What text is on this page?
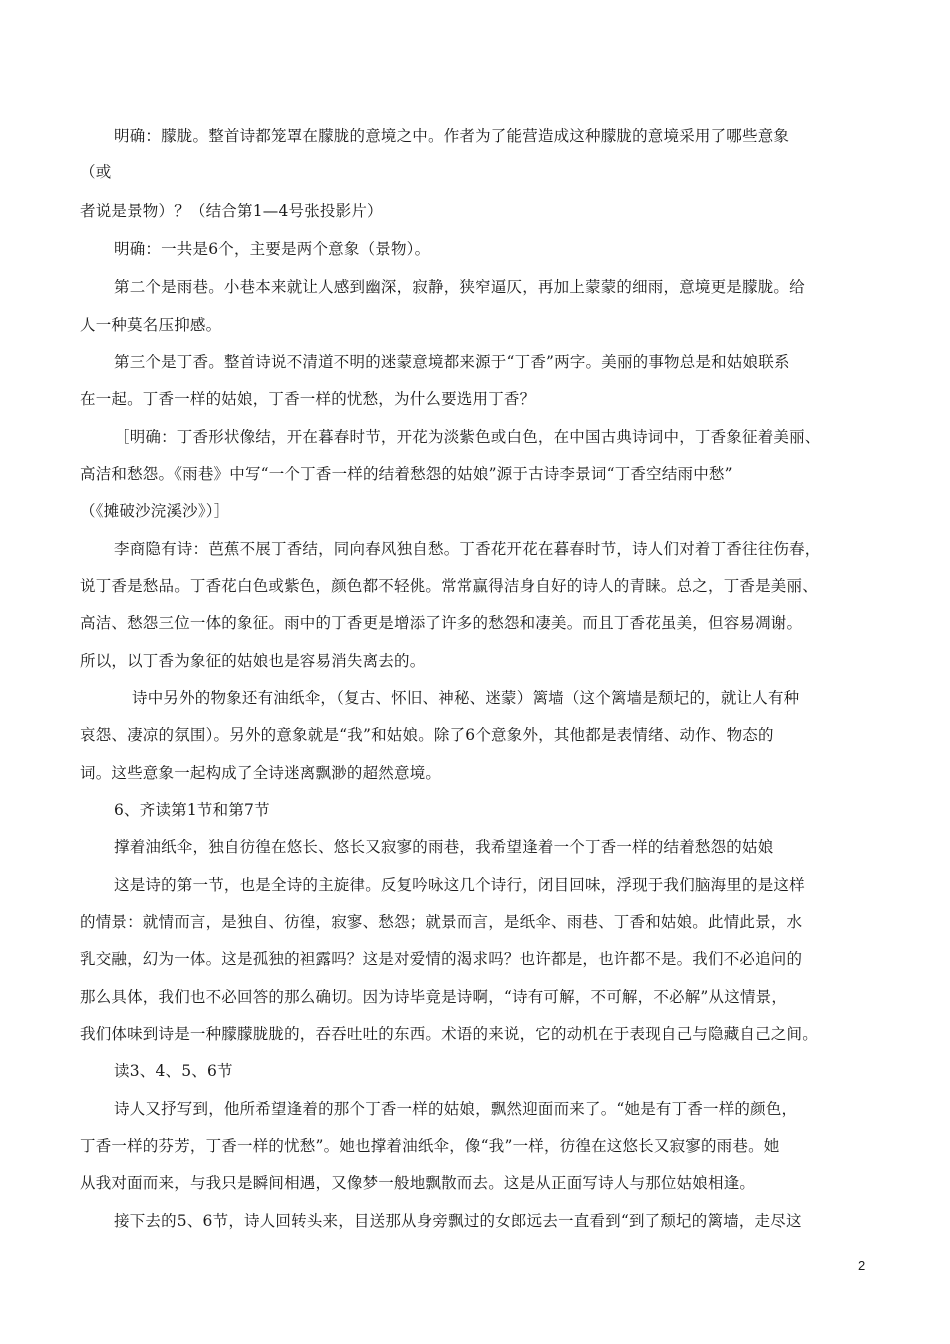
明确：朦胧。整首诗都笼罩在朦胧的意境之中。作者为了能营造成这种朦胧的意境采用了哪些意象
（或
者说是景物）？（结合第1—4号张投影片）
明确：一共是6个，主要是两个意象（景物）。
第二个是雨巷。小巷本来就让人感到幽深，寂静，狭窄逼仄，再加上蒙蒙的细雨，意境更是朦胧。给
人一种莫名压抑感。
第三个是丁香。整首诗说不清道不明的迷蒙意境都来源于“丁香”两字。美丽的事物总是和姑娘联系
在一起。丁香一样的姑娘，丁香一样的忧愁，为什么要选用丁香？
［明确：丁香形状像结，开在暮春时节，开花为淡紫色或白色，在中国古典诗词中，丁香象征着美丽、
高洁和愁怨。《雨巷》中写“一个丁香一样的结着愁怨的姑娘”源于古诗李景词“丁香空结雨中愁”
（《摊破沙浣溪沙》）］
李商隐有诗：芭蕉不展丁香结，同向春风独自愁。丁香花开花在暮春时节，诗人们对着丁香往往伤春，
说丁香是愁品。丁香花白色或紫色，颜色都不轻佻。常常赢得洁身自好的诗人的青睐。总之，丁香是美丽、
高洁、愁怨三位一体的象征。雨中的丁香更是增添了许多的愁怨和凄美。而且丁香花虽美，但容易凋谢。
所以，以丁香为象征的姑娘也是容易消失离去的。
诗中另外的物象还有油纸伞，（复古、怀旧、神秘、迷蒙）篱墙（这个篱墙是颓圮的，就让人有种
哀怨、凄凉的氛围）。另外的意象就是“我”和姑娘。除了6个意象外，其他都是表情绪、动作、物态的
词。这些意象一起构成了全诗迷离飘渺的超然意境。
6、齐读第1节和第7节
撑着油纸伞，独自彷徨在悠长、悠长又寂寥的雨巷，我希望逢着一个丁香一样的结着愁怨的姑娘
这是诗的第一节，也是全诗的主旋律。反复吟咏这几个诗行，闭目回味，浮现于我们脑海里的是这样
的情景：就情而言，是独自、彷徨，寂寥、愁怨；就景而言，是纸伞、雨巷、丁香和姑娘。此情此景，水
乳交融，幻为一体。这是孤独的袒露吗？这是对爱情的渴求吗？也许都是，也许都不是。我们不必追问的
那么具体，我们也不必回答的那么确切。因为诗毕竟是诗啊，“诗有可解，不可解，不必解”从这情景，
我们体味到诗是一种朦朦胧胧的，吞吞吐吐的东西。术语的来说，它的动机在于表现自己与隐藏自己之间。
读3、4、5、6节
诗人又抒写到，他所希望逢着的那个丁香一样的姑娘，飘然迎面而来了。“她是有丁香一样的颜色，
丁香一样的芬芳，丁香一样的忧愁”。她也撑着油纸伞，像“我”一样，彷徨在这悠长又寂寥的雨巷。她
从我对面而来，与我只是瞬间相遇，又像梦一般地飘散而去。这是从正面写诗人与那位姑娘相逢。
接下去的5、6节，诗人回转头来，目送那从身旁飘过的女郎远去一直看到“到了颓圮的篱墙，走尽这
2
